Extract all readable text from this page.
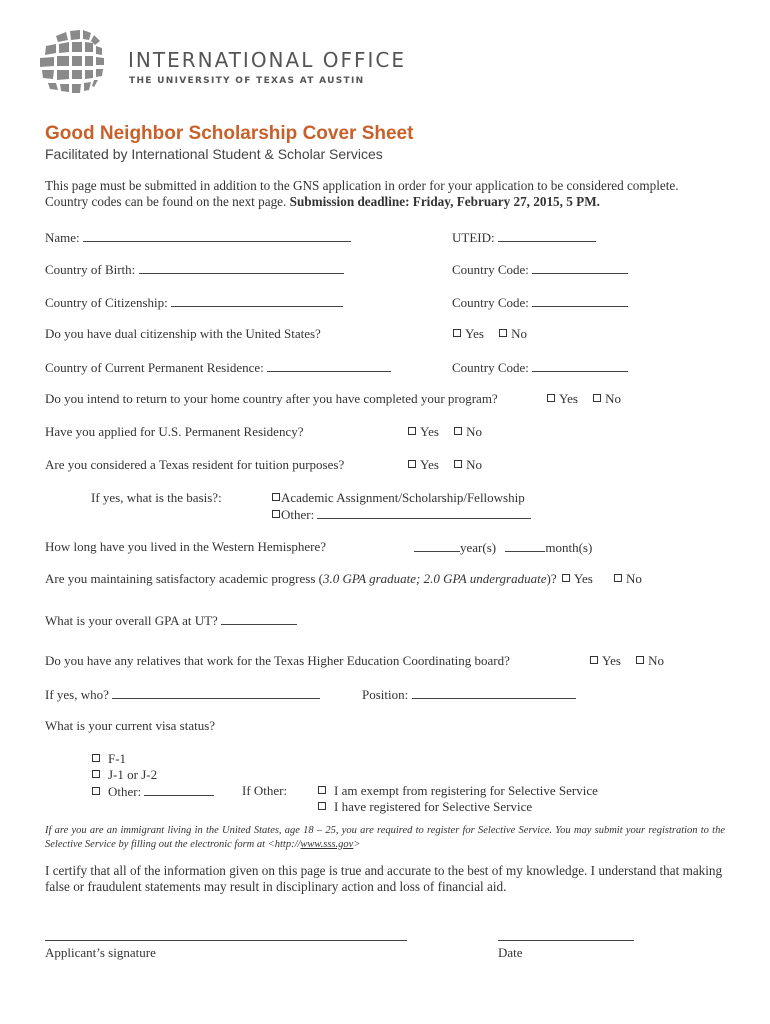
INTERNATIONAL OFFICE
THE UNIVERSITY OF TEXAS AT AUSTIN
Good Neighbor Scholarship Cover Sheet
Facilitated by International Student & Scholar Services
This page must be submitted in addition to the GNS application in order for your application to be considered complete. Country codes can be found on the next page. Submission deadline: Friday, February 27, 2015, 5 PM.
Name:	UTEID:
Country of Birth:	Country Code:
Country of Citizenship:	Country Code:
Do you have dual citizenship with the United States?	Yes No
Country of Current Permanent Residence:	Country Code:
Do you intend to return to your home country after you have completed your program?	Yes No
Have you applied for U.S. Permanent Residency?	Yes No
Are you considered a Texas resident for tuition purposes?	Yes No
If yes, what is the basis?:	Academic Assignment/Scholarship/Fellowship
Other:
How long have you lived in the Western Hemisphere?	year(s)	month(s)
Are you maintaining satisfactory academic progress (3.0 GPA graduate; 2.0 GPA undergraduate)? Yes	No
What is your overall GPA at UT?
Do you have any relatives that work for the Texas Higher Education Coordinating board?	Yes No
If yes, who?	Position:
What is your current visa status?
F-1
J-1 or J-2
Other:	If Other:	I am exempt from registering for Selective Service
I have registered for Selective Service
If are you are an immigrant living in the United States, age 18 – 25, you are required to register for Selective Service. You may submit your registration to the Selective Service by filling out the electronic form at <http://www.sss.gov>
I certify that all of the information given on this page is true and accurate to the best of my knowledge. I understand that making false or fraudulent statements may result in disciplinary action and loss of financial aid.
Applicant’s signature	Date
